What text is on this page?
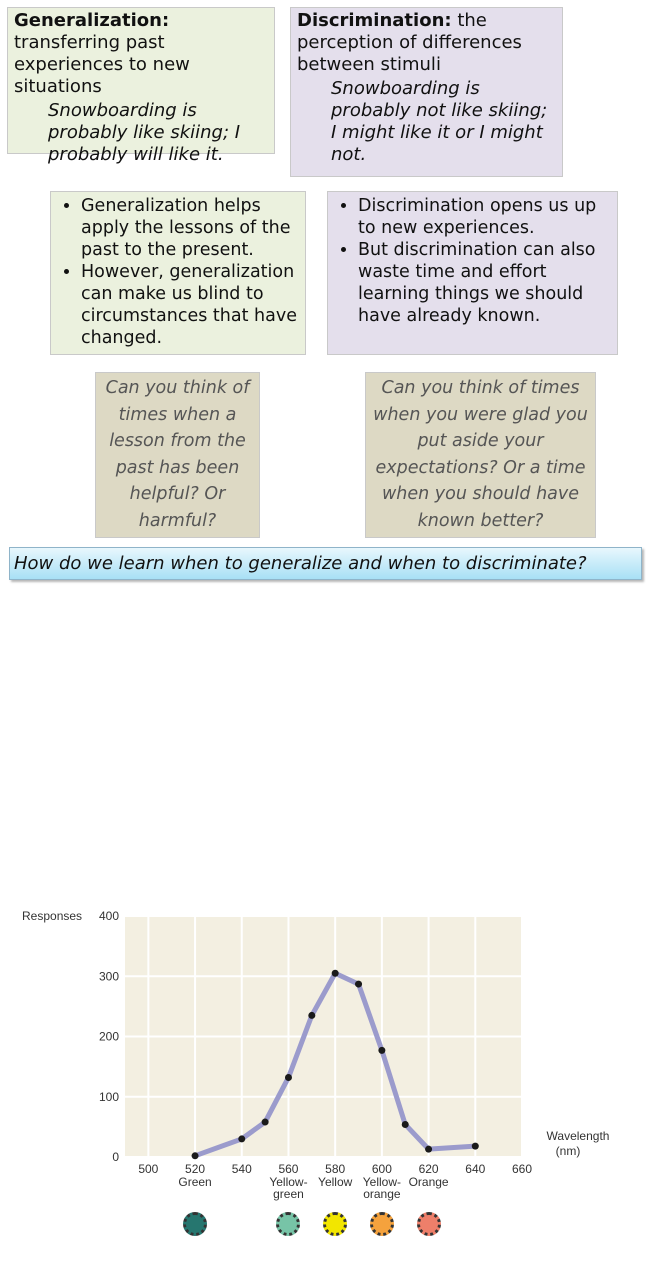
Generalization: transferring past experiences to new situations
Snowboarding is probably like skiing; I probably will like it.
Discrimination: the perception of differences between stimuli
Snowboarding is probably not like skiing; I might like it or I might not.
• Generalization helps apply the lessons of the past to the present.
• However, generalization can make us blind to circumstances that have changed.
• Discrimination opens us up to new experiences.
• But discrimination can also waste time and effort learning things we should have already known.
Can you think of times when a lesson from the past has been helpful? Or harmful?
Can you think of times when you were glad you put aside your expectations? Or a time when you should have known better?
How do we learn when to generalize and when to discriminate?
0
100
200
300
400
500 520 540 560 580 600 620 640 660
Responses
Wavelength
(nm)
Green	Yellow-
green
Yellow Yellow-
orange
Orange
